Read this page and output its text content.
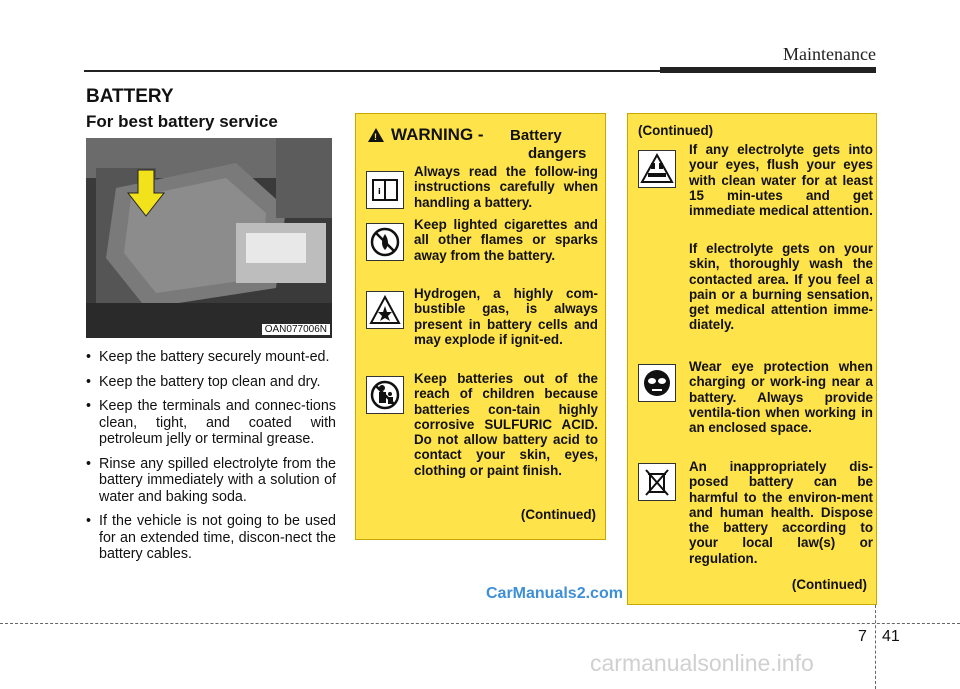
Maintenance
BATTERY
For best battery service
OAN077006N
• Keep the battery securely mount-ed.
• Keep the battery top clean and dry.
• Keep the terminals and connec-tions clean, tight, and coated with petroleum jelly or terminal grease.
• Rinse any spilled electrolyte from the battery immediately with a solution of water and baking soda.
• If the vehicle is not going to be used for an extended time, discon-nect the battery cables.
! WARNING - Battery
dangers
i
Always read the follow-ing instructions carefully when handling a battery.
Keep lighted cigarettes and all other flames or sparks away from the battery.
Hydrogen, a highly com-bustible gas, is always present in battery cells and may explode if ignit-ed.
Keep batteries out of the reach of children because batteries con-tain highly corrosive SULFURIC ACID. Do not allow battery acid to contact your skin, eyes, clothing or paint finish.
(Continued)
(Continued)
If any electrolyte gets into your eyes, flush your eyes with clean water for at least 15 min-utes and get immediate medical attention.
If electrolyte gets on your skin, thoroughly wash the contacted area. If you feel a pain or a burning sensation, get medical attention imme-diately.
Wear eye protection when charging or work-ing near a battery. Always provide ventila-tion when working in an enclosed space.
An inappropriately dis-posed battery can be harmful to the environ-ment and human health. Dispose the battery according to your local law(s) or regulation.
(Continued)
CarManuals2.com
7 41
carmanualsonline.info
